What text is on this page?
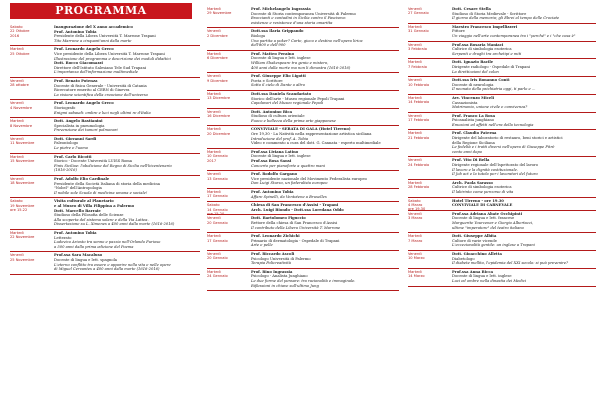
PROGRAMMA
Sabato
22 Ottobre
2016
Inaugurazione del X anno accademico
Prof. Antonino Tobia
Presidente della Libera Università T. Marrone Trapani
Tito Marrone a cinquant'anni dalla morte
Martedì
25 Ottobre
Prof. Leonardo Angelo Greco
Vice presidente della Libera Università T. Marrone Trapani
Illustrazione del programma e descrizione dei moduli didattici
Dott. Rocco Giacomazzi
Direttore dell'Istituto Salesiano Tele Sud Trapani
L'importanza dell'informazione multimediale
Venerdì
28 ottobre
Prof. Renato Potenza
Docente di fisica Generale - Università di Catania
Ricercatore emerito al CERN di Ginevra
La visione scientifica della creazione dell'universo
Venerdì
4 Novembre
Prof. Leonardo Angelo Greco
Storiografo
Enigmi sabaudi: ombre e luci negli ultimi re d'Italia
Martedì
8 Novembre
Dott. Angelo Bastianini
Specialista in pneumologia
Prevenzione dei tumori polmonari
Venerdì
11 Novembre
Dott. Giovanni Sardi
Paleontologo
Le pietre e l'uomo
Martedì
15 Novembre
Prof. Carlo Ricotti
Storico - Docente Università LUISS Roma
Finis Siciliae: l'abolizione del Regno di Sicilia nell'bicentenario
(1816-2016)
Venerdì
18 Novembre
Prof. Adolfo Elio Cardinale
Presidente della Società Italiana di storia della medicina
"Nobel" dell'Antropologia
Il nobile sole Scuola di medicina umana e sociale!
Sabato
19 Novembre
ore 15.22
Visita culturale al Planetario
e al Museo di Villa Filippina a Palermo
Dott. Marcello Barraie
Studioso della Filosofia delle Scienze
Alla scoperta del sistema solare e della Via Lattea.
Dissertazione su L. Ximenes a 400 anni dalla morte (1616-2016)
Martedì
22 Novembre
Prof. Antonino Tobia
Letterato
Ludovico Ariosto tra senno e pazzia nell'Orlando Furioso
a 500 anni dalla prima edizione del Poema
Venerdì
25 Novembre
Prof.ssa Sara Macaluso
Docente di lingua e lett. spagnola
L'eterno conflitto tra essere e apparire nella vita e nelle opere
di Miguel Cervantes a 400 anni dalla morte (1616-2016)
Martedì
29 Novembre
Prof. Michelangelo Ingrassia
Docente di Storia contemporanea Università di Palermo
Braccianti e contadini in Sicilia contro il Fascismo:
esistenze e resistenze d'una storia omaritta
Venerdì
2 Dicembre
Dott.ssa Ilaria Grippando
Biologa
Una partita a poker? Carte, gioco e destino nell'opera lirica
dell'800 e dell'900
Martedì
6 Dicembre
Prof. Matteo Peraino
Docente di lingua e lett. inglese
William Shakespeare tra genio e mistero,
400 anni dalla morte ma non li dimostra (1616-2016)
Venerdì
9 Dicembre
Prof. Giuseppe Elio Ligotti
Poeta e Scrittore
Sotto il cielo di Dante o altro
Martedì
13 Dicembre
Dott.ssa Daniela Scandariato
Storico dell'arte - Museo regionale Pepoli Trapani
Capolavori del Museo regionale Pepoli
Venerdì
16 Dicembre
Dott. Antonino Bica
Studioso di cultura orientale
Fuoco e bellezza della prima arte giapponese
Martedì
20 Dicembre
CONVIVIALE - SERATA DI GALA (Hotel Tirreno)
Ore 19,30 - La Natività nella rappresentazione artistica siciliana
Introduzione del prof. A. Tobia
Video e commento a cura del dott. G. Cannata - esperto multimediale
Martedì
10 Gennaio
2017
Prof.ssa Liviana Latino
Docente di lingua e lett. inglese
Prof.ssa Rosa Sansi
Concerto per pianoforte a quattro mani
Venerdì
13 Gennaio
Prof. Rodolfo Gargano
Vice presidente nazionale del Movimento Federalista europeo
Don Luigi Sturzo, un federalista europeo
Martedì
17 Gennaio
Prof. Antonino Tobia
Affare Spinelli, da Ventotene a Bruxelles
Sabato
14 Gennaio
ore 15.20
Chiesa di San Francesco d'Assisi - Trapani
Arch. Luigi Biondo - Dott.ssa Loredana Oddo
Venerdì
20 Gennaio
Dott. Bartolomeo Figuccio
Rettore della chiesa di San Francesco d'Assisi
Il contributo della Libera Università T. Marrone
Martedì
17 Gennaio
Prof. Leonardo Zichichi
Primario di dermatologia - Ospedale di Trapani
Arte e pelle
Venerdì
20 Gennaio
Prof. Riccardo Ascoli
Psicologo Università di Palermo
Terapia Policreatività
Martedì
24 Gennaio
Prof. Rino Ingrassia
Psicologo - Analista Junghiano
Le due forme del pensare: tra razionalità e immaginale.
Riflessioni in chiave sull'ultimo Jung
Venerdì
27 Gennaio
Dott. Cesare Stella
Studioso di Storia Medievale - Scrittore
Il giorno della memoria; gli Ebrei al tempo delle Crociate
Martedì
31 Gennaio
Maestro Francesco Impellizzeri
Pittore
Un viaggio nell'arte contemporanea tra i "perché" e i "che cosa è"
Venerdì
3 Febbraio
Prof.ssa Rosaria Maniaci
Cultrice di simbologia esoterica
Serpenti e draghi tra archetipi e miti
Martedì
7 Febbraio
Dott. Ignazio Bacile
Dirigente radiologo - Ospedale di Trapani
La diretticaioni del colon
Venerdì
10 Febbraio
Dott.ssa Iris Bonanno Conti
Docente di neurologia
Il neonato della psichiatria oggi, ti parlo e ...
Martedì
14 Febbraio
Avv. Vincenzo Miceli
Cassazionista
Matrimonio, unione civile e convivenza?
Venerdì
17 Febbraio
Prof. Franco La Rosa
Psicanalista junghiano
Emozioni ed affetti nell'era della tecnologia
Martedì
21 Febbraio
Prof. Claudio Paterna
Dirigente del laboratorio di restauro, beni storici e artistici
della Regione Siciliana
Le fedeltà e i tratti diversi nell'opera di Giuseppe Pitrè
cento anni dopo
Venerdì
24 Febbraio
Prof. Vito Di Bella
Dirigente regionale dell'Ispettorato del lavoro
Il lavoro e la dignità costituzionale.
Il Job act e la tutela per i lavoratori del futuro
Martedì
28 Febbraio
Arch. Paola Sarasso
Cultrice di simbologia esoterica
Il labirinto come percorso di vita
Sabato
4 Marzo
ore 19.30
Hotel Tirreno - ore 19.30
CONVIVIALE DI CARNEVALE
Venerdì
3 Marzo
Prof.ssa Adriana Abate Occhipinti
Docente di lingua e lett. francese
Marguerite Yourcenar e Giorgio Albertazzi,
ultime "imperatore" del teatro italiano
Martedì
7 Marzo
Dott. Giuseppe Albita
Cultore di varie vicende
L'eccezionalità gentile: un inglese a Trapani
Venerdì
10 Marzo
Dott. Gioacchino Alletta
Diabetologo
Il diabete mellito, l'epidemia del XXI secolo: si può prevenire?
Martedì
14 Marzo
Prof.ssa Anna Ricca
Docente di lingua e lett. inglese
Luci ed ombre nella dinastia dei Medici
